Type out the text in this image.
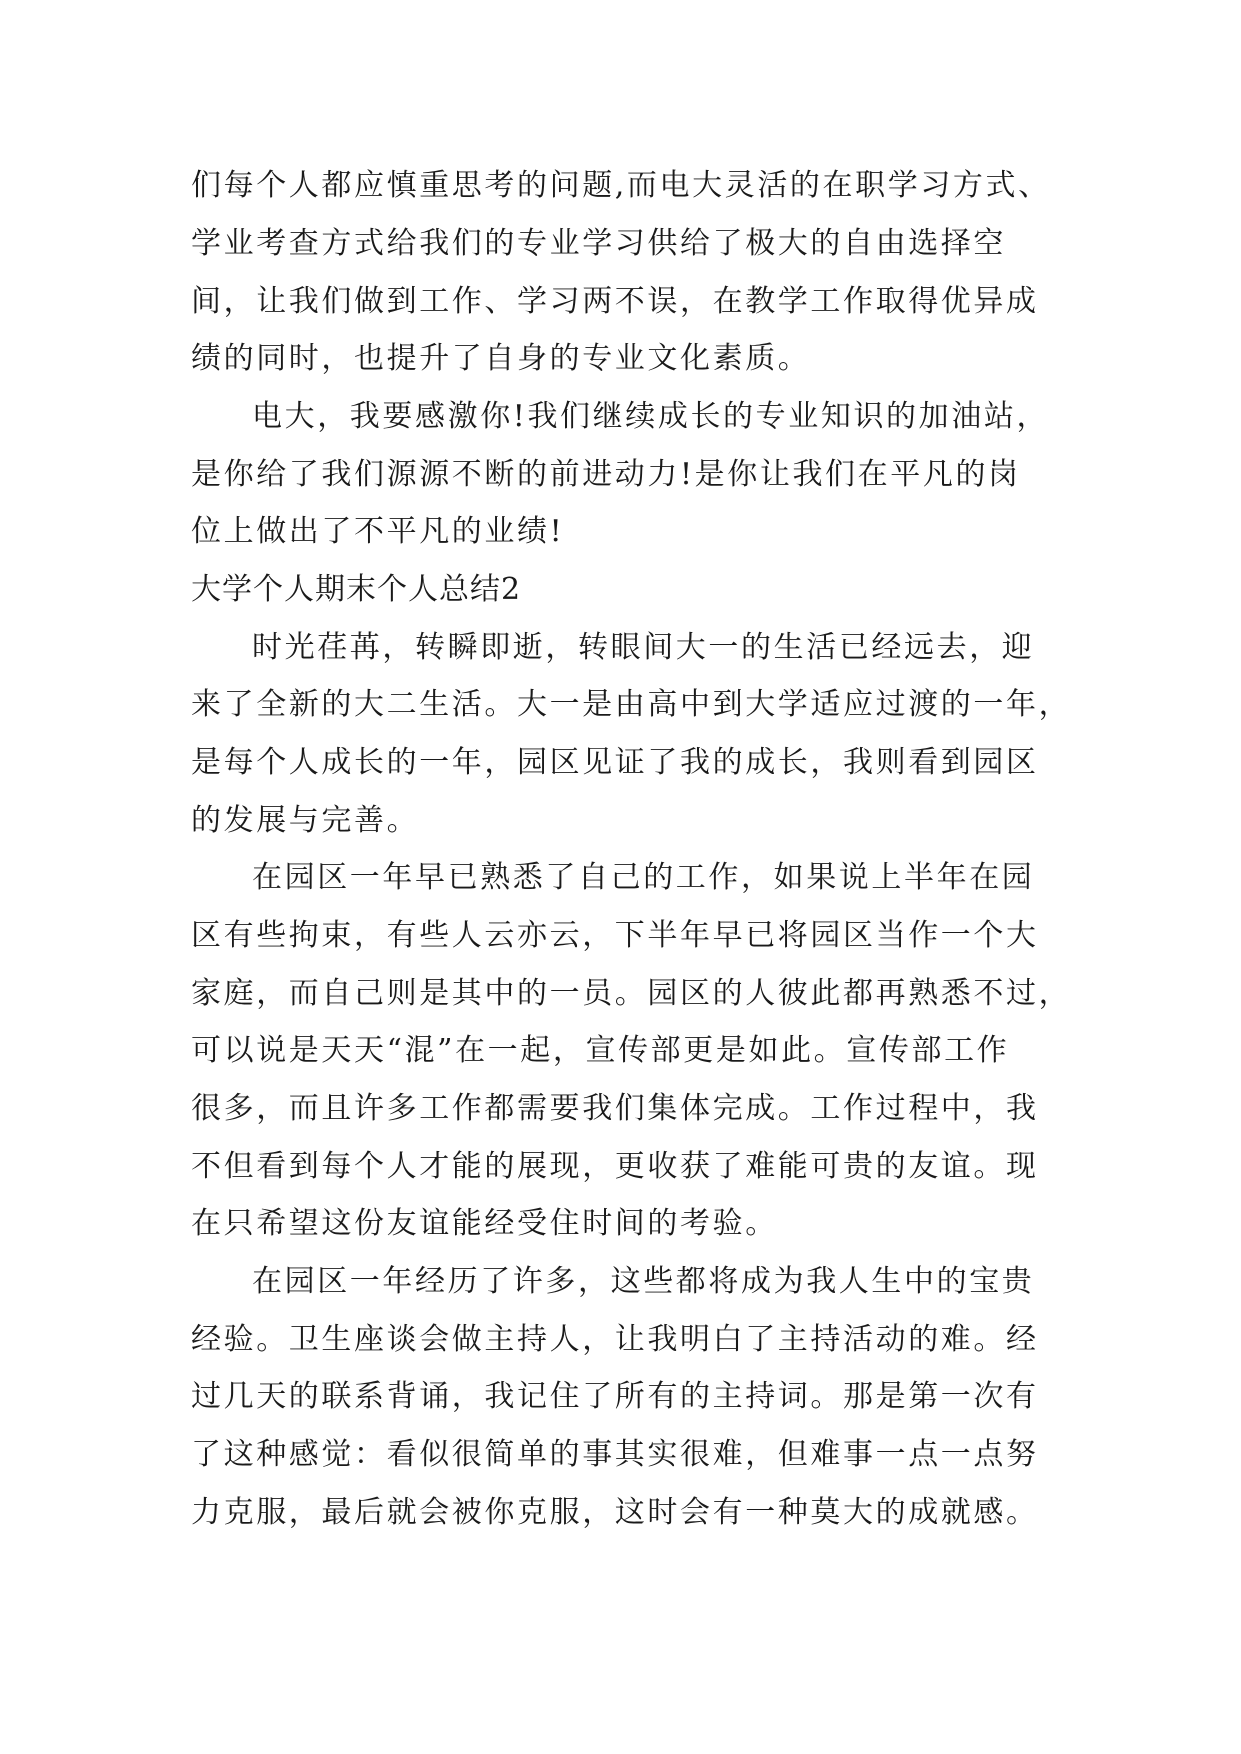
们每个人都应慎重思考的问题,而电大灵活的在职学习方式、
学业考查方式给我们的专业学习供给了极大的自由选择空
间，让我们做到工作、学习两不误，在教学工作取得优异成
绩的同时，也提升了自身的专业文化素质。
电大，我要感激你!我们继续成长的专业知识的加油站，
是你给了我们源源不断的前进动力!是你让我们在平凡的岗
位上做出了不平凡的业绩!
大学个人期末个人总结2
时光荏苒，转瞬即逝，转眼间大一的生活已经远去，迎
来了全新的大二生活。大一是由高中到大学适应过渡的一年，
是每个人成长的一年，园区见证了我的成长，我则看到园区
的发展与完善。
在园区一年早已熟悉了自己的工作，如果说上半年在园
区有些拘束，有些人云亦云，下半年早已将园区当作一个大
家庭，而自己则是其中的一员。园区的人彼此都再熟悉不过，
可以说是天天“混”在一起，宣传部更是如此。宣传部工作
很多，而且许多工作都需要我们集体完成。工作过程中，我
不但看到每个人才能的展现，更收获了难能可贵的友谊。现
在只希望这份友谊能经受住时间的考验。
在园区一年经历了许多，这些都将成为我人生中的宝贵
经验。卫生座谈会做主持人，让我明白了主持活动的难。经
过几天的联系背诵，我记住了所有的主持词。那是第一次有
了这种感觉：看似很简单的事其实很难，但难事一点一点努
力克服，最后就会被你克服，这时会有一种莫大的成就感。
